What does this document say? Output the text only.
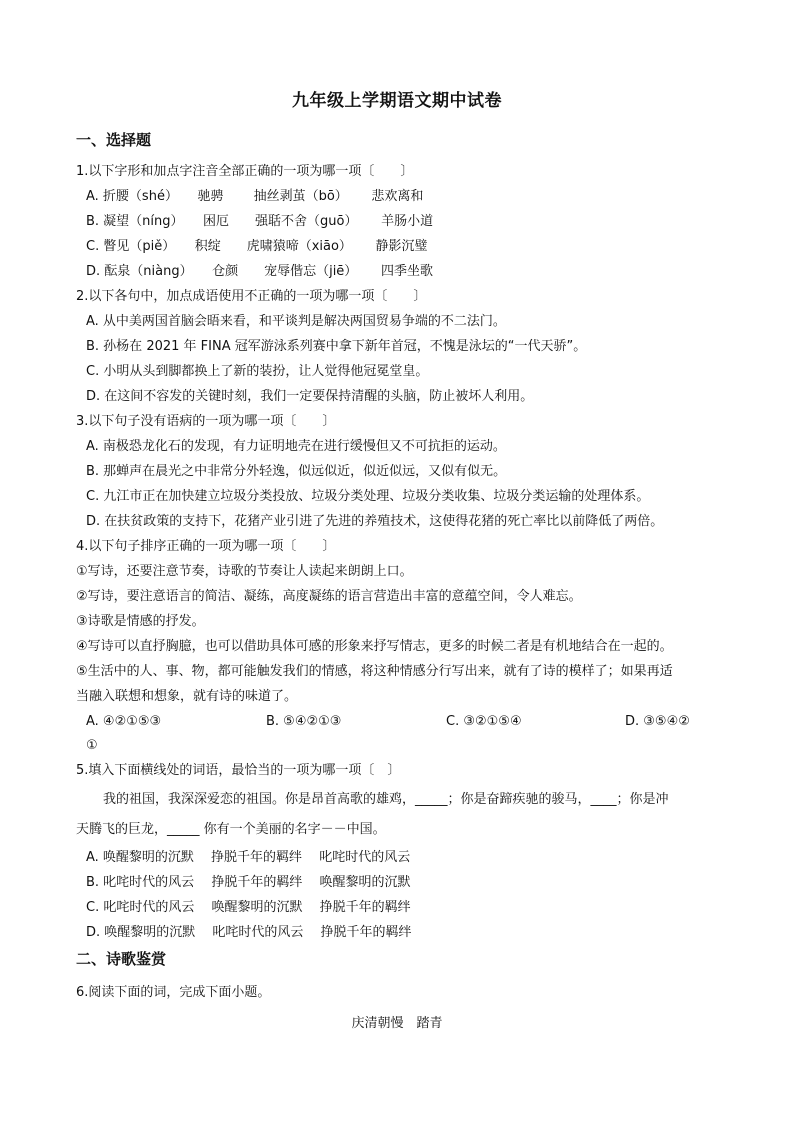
九年级上学期语文期中试卷
一、选择题
1.以下字形和加点字注音全部正确的一项为哪一项〔　　〕
A. 折腰（shé）　　驰骋　　 抽丝剥茧（bō）　　 悲欢离和
B. 凝望（níng）　　困厄　　强聒不舍（guō）　　 羊肠小道
C. 瞥见（piě）　　积绽　　虎啸猿啼（xiāo）　　 静影沉璧
D. 酝泉（niàng）　　仓颜　　宠辱偕忘（jiē）　　 四季坐歌
2.以下各句中，加点成语使用不正确的一项为哪一项〔　　〕
A. 从中美两国首脑会晤来看，和平谈判是解决两国贸易争端的不二法门。
B. 孙杨在 2021 年 FINA 冠军游泳系列赛中拿下新年首冠，不愧是泳坛的“一代天骄”。
C. 小明从头到脚都换上了新的装扮，让人觉得他冠冕堂皇。
D. 在这间不容发的关键时刻，我们一定要保持清醒的头脑，防止被坏人利用。
3.以下句子没有语病的一项为哪一项〔　　〕
A. 南极恐龙化石的发现，有力证明地壳在进行缓慢但又不可抗拒的运动。
B. 那蝉声在晨光之中非常分外轻逸，似远似近，似近似远，又似有似无。
C. 九江市正在加快建立垃圾分类投放、垃圾分类处理、垃圾分类收集、垃圾分类运输的处理体系。
D. 在扶贫政策的支持下，花猪产业引进了先进的养殖技术，这使得花猪的死亡率比以前降低了两倍。
4.以下句子排序正确的一项为哪一项〔　　〕
①写诗，还要注意节奏，诗歌的节奏让人读起来朗朗上口。
②写诗，要注意语言的简洁、凝练，高度凝练的语言营造出丰富的意蕴空间，令人难忘。
③诗歌是情感的抒发。
④写诗可以直抒胸臆，也可以借助具体可感的形象来抒写情志，更多的时候二者是有机地结合在一起的。
⑤生活中的人、事、物，都可能触发我们的情感，将这种情感分行写出来，就有了诗的模样了；如果再适
当融入联想和想象，就有诗的味道了。
A. ④②①⑤③	B. ⑤④②①③	C. ③②①⑤④	D. ③⑤④②
①
5.填入下面横线处的词语，最恰当的一项为哪一项〔　〕
我的祖国，我深深爱恋的祖国。你是昂首高歌的雄鸡，_____；你是奋蹄疾驰的骏马，____；你是冲
天腾飞的巨龙，_____ 你有一个美丽的名字－－中国。
A. 唤醒黎明的沉默　 挣脱千年的羁绊　 叱咤时代的风云
B. 叱咤时代的风云　 挣脱千年的羁绊　 唤醒黎明的沉默
C. 叱咤时代的风云　 唤醒黎明的沉默　 挣脱千年的羁绊
D. 唤醒黎明的沉默　 叱咤时代的风云　 挣脱千年的羁绊
二、诗歌鉴赏
6.阅读下面的词，完成下面小题。
庆清朝慢　踏青
